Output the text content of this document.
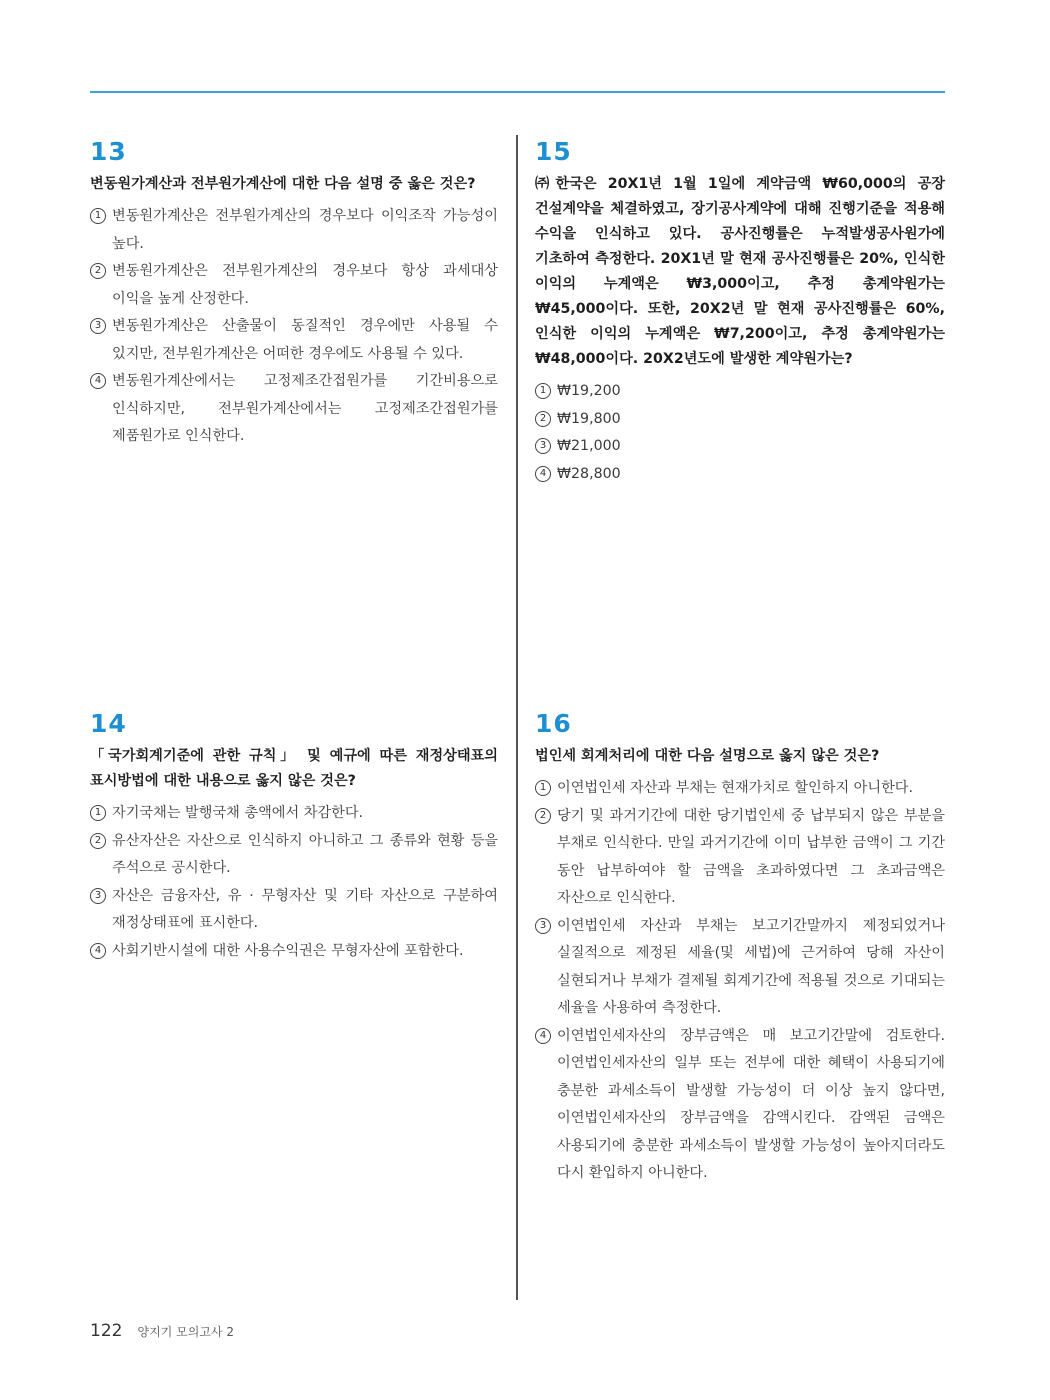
13
변동원가계산과 전부원가계산에 대한 다음 설명 중 옳은 것은?
1 변동원가계산은 전부원가계산의 경우보다 이익조작 가능성이 높다.
2 변동원가계산은 전부원가계산의 경우보다 항상 과세대상 이익을 높게 산정한다.
3 변동원가계산은 산출물이 동질적인 경우에만 사용될 수 있지만, 전부원가계산은 어떠한 경우에도 사용될 수 있다.
4 변동원가계산에서는 고정제조간접원가를 기간비용으로 인식하지만, 전부원가계산에서는 고정제조간접원가를 제품원가로 인식한다.
14
「국가회계기준에 관한 규칙」 및 예규에 따른 재정상태표의 표시방법에 대한 내용으로 옳지 않은 것은?
1 자기국채는 발행국채 총액에서 차감한다.
2 유산자산은 자산으로 인식하지 아니하고 그 종류와 현황 등을 주석으로 공시한다.
3 자산은 금융자산, 유 · 무형자산 및 기타 자산으로 구분하여 재정상태표에 표시한다.
4 사회기반시설에 대한 사용수익권은 무형자산에 포함한다.
15
㈜한국은 20X1년 1월 1일에 계약금액 ₩60,000의 공장 건설계약을 체결하였고, 장기공사계약에 대해 진행기준을 적용해 수익을 인식하고 있다. 공사진행률은 누적발생공사원가에 기초하여 측정한다. 20X1년 말 현재 공사진행률은 20%, 인식한 이익의 누계액은 ₩3,000이고, 추정 총계약원가는 ₩45,000이다. 또한, 20X2년 말 현재 공사진행률은 60%, 인식한 이익의 누계액은 ₩7,200이고, 추정 총계약원가는 ₩48,000이다. 20X2년도에 발생한 계약원가는?
1 ₩19,200
2 ₩19,800
3 ₩21,000
4 ₩28,800
16
법인세 회계처리에 대한 다음 설명으로 옳지 않은 것은?
1 이연법인세 자산과 부채는 현재가치로 할인하지 아니한다.
2 당기 및 과거기간에 대한 당기법인세 중 납부되지 않은 부분을 부채로 인식한다. 만일 과거기간에 이미 납부한 금액이 그 기간 동안 납부하여야 할 금액을 초과하였다면 그 초과금액은 자산으로 인식한다.
3 이연법인세 자산과 부채는 보고기간말까지 제정되었거나 실질적으로 제정된 세율(및 세법)에 근거하여 당해 자산이 실현되거나 부채가 결제될 회계기간에 적용될 것으로 기대되는 세율을 사용하여 측정한다.
4 이연법인세자산의 장부금액은 매 보고기간말에 검토한다. 이연법인세자산의 일부 또는 전부에 대한 혜택이 사용되기에 충분한 과세소득이 발생할 가능성이 더 이상 높지 않다면, 이연법인세자산의 장부금액을 감액시킨다. 감액된 금액은 사용되기에 충분한 과세소득이 발생할 가능성이 높아지더라도 다시 환입하지 아니한다.
122 양지기 모의고사 2
